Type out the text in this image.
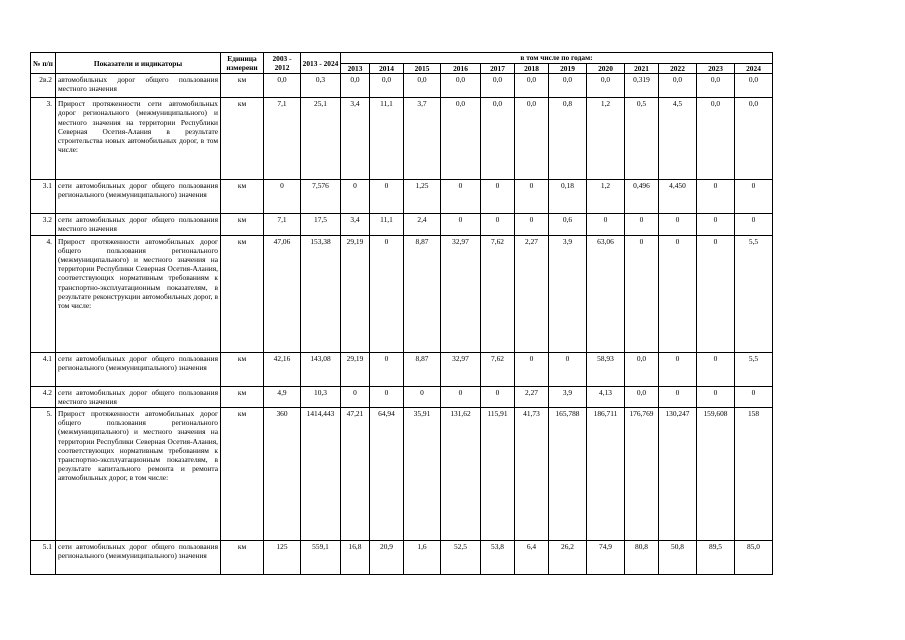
№ п/п	Показатели и индикаторы	Единица измерени	2003 - 2012	2013 - 2024	в том числе по годам:											
					2013	2014	2015	2016	2017	2018	2019	2020	2021	2022	2023	2024
2в.2	автомобильных дорог общего пользования местного значения	км	0,0	0,3	0,0	0,0	0,0	0,0	0,0	0,0	0,0	0,0	0,319	0,0	0,0	0,0
3.	Прирост протяженности сети автомобильных дорог регионального (межмуниципального) и местного значения на территории Республики Северная Осетия-Алания в результате строительства новых автомобильных дорог, в том числе:	км	7,1	25,1	3,4	11,1	3,7	0,0	0,0	0,0	0,8	1,2	0,5	4,5	0,0	0,0
3.1	сети автомобильных дорог общего пользования регионального (межмуниципального) значения	км	0	7,576	0	0	1,25	0	0	0	0,18	1,2	0,496	4,450	0	0
3.2	сети автомобильных дорог общего пользования местного значения	км	7,1	17,5	3,4	11,1	2,4	0	0	0	0,6	0	0	0	0	0
4.	Прирост протяженности автомобильных дорог общего пользования регионального (межмуниципального) и местного значения на территории Республики Северная Осетия-Алания, соответствующих нормативным требованиям к транспортно-эксплуатационным показателям, в результате реконструкции автомобильных дорог, в том числе:	км	47,06	153,38	29,19	0	8,87	32,97	7,62	2,27	3,9	63,06	0	0	0	5,5
4.1	сети автомобильных дорог общего пользования регионального (межмуниципального) значения	км	42,16	143,08	29,19	0	8,87	32,97	7,62	0	0	58,93	0,0	0	0	5,5
4.2	сети автомобильных дорог общего пользования местного значения	км	4,9	10,3	0	0	0	0	0	2,27	3,9	4,13	0,0	0	0	0
5.	Прирост протяженности автомобильных дорог общего пользования регионального (межмуниципального) и местного значения на территории Республики Северная Осетия-Алания, соответствующих нормативным требованиям к транспортно-эксплуатационным показателям, в результате капитального ремонта и ремонта автомобильных дорог, в том числе:	км	360	1414,443	47,21	64,94	35,91	131,62	115,91	41,73	165,788	186,711	176,769	130,247	159,608	158
5.1	сети автомобильных дорог общего пользования регионального (межмуниципального) значения	км	125	559,1	16,8	20,9	1,6	52,5	53,8	6,4	26,2	74,9	80,8	50,8	89,5	85,0
